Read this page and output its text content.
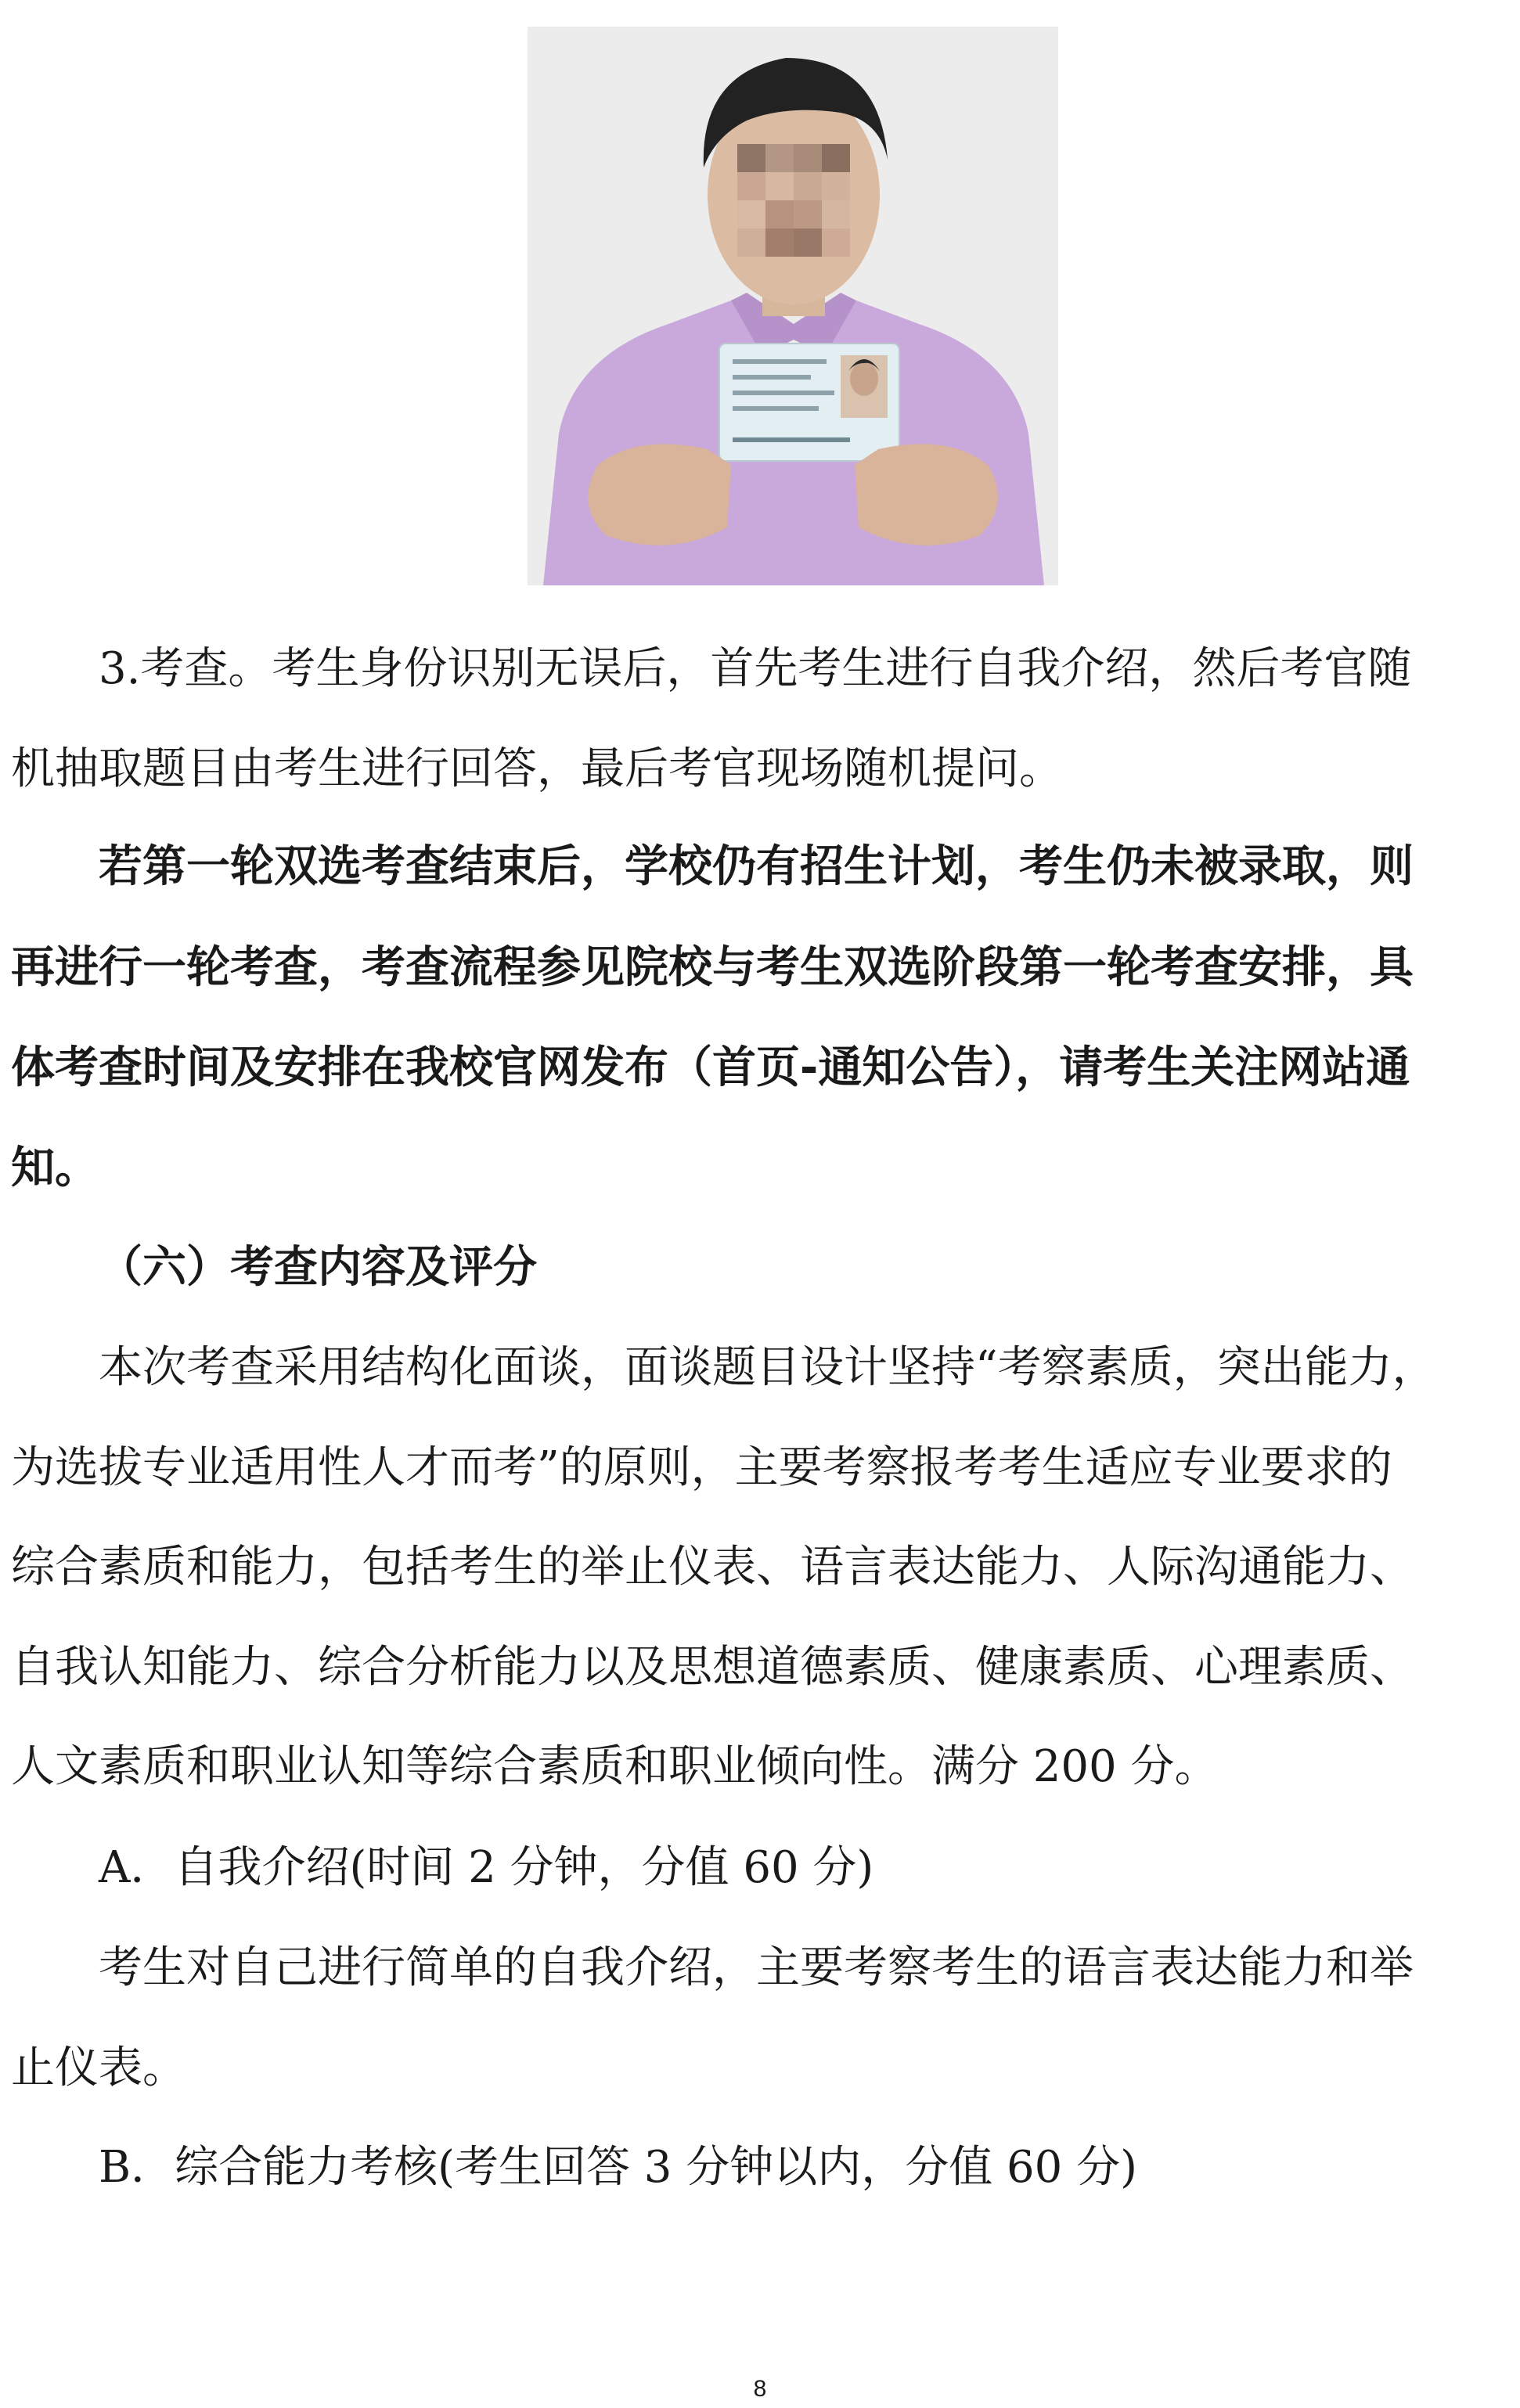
3.考查。考生身份识别无误后，首先考生进行自我介绍，然后考官随
机抽取题目由考生进行回答，最后考官现场随机提问。
若第一轮双选考查结束后，学校仍有招生计划，考生仍未被录取，则
再进行一轮考查，考查流程参见院校与考生双选阶段第一轮考查安排，具
体考查时间及安排在我校官网发布（首页-通知公告），请考生关注网站通
知。
（六）考查内容及评分
本次考查采用结构化面谈，面谈题目设计坚持“考察素质，突出能力，
为选拔专业适用性人才而考”的原则，主要考察报考考生适应专业要求的
综合素质和能力，包括考生的举止仪表、语言表达能力、人际沟通能力、
自我认知能力、综合分析能力以及思想道德素质、健康素质、心理素质、
人文素质和职业认知等综合素质和职业倾向性。满分 200 分。
A．自我介绍(时间 2 分钟，分值 60 分)
考生对自己进行简单的自我介绍，主要考察考生的语言表达能力和举
止仪表。
B．综合能力考核(考生回答 3 分钟以内，分值 60 分)
8
